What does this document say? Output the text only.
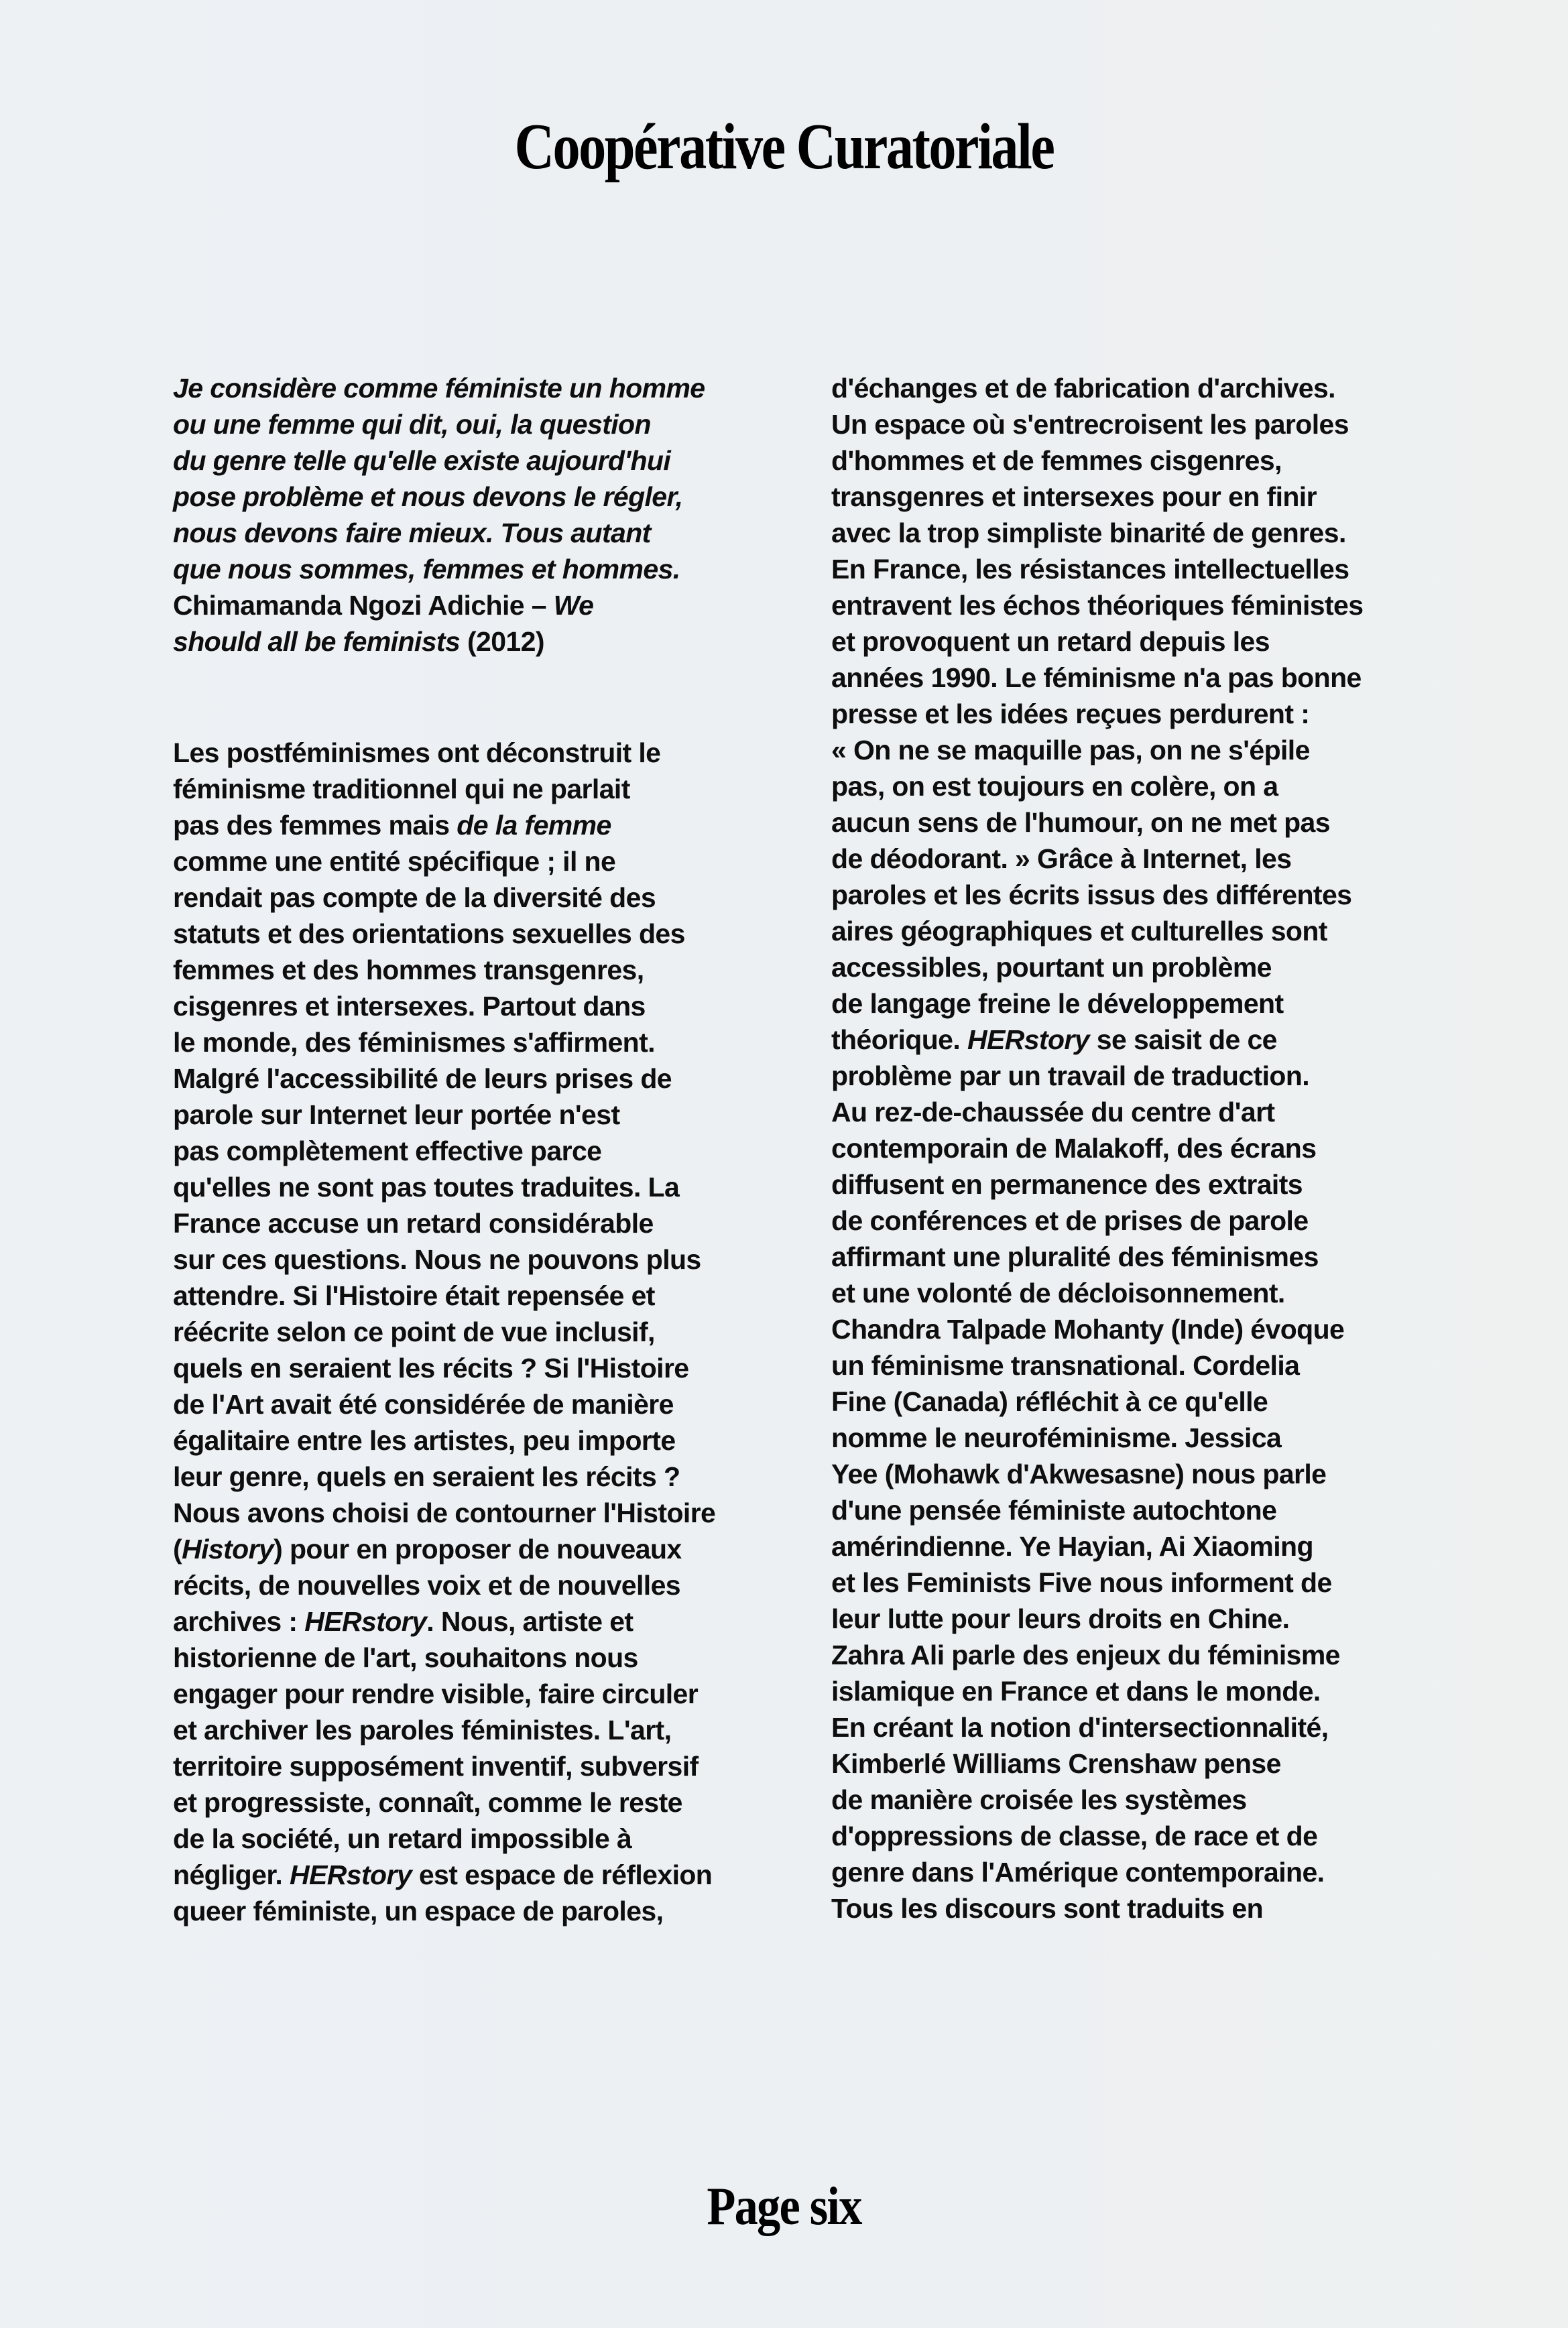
Coopérative Curatoriale
Je considère comme féministe un homme
ou une femme qui dit, oui, la question
du genre telle qu'elle existe aujourd'hui
pose problème et nous devons le régler,
nous devons faire mieux. Tous autant
que nous sommes, femmes et hommes.
Chimamanda Ngozi Adichie – We
should all be feminists (2012)
Les postféminismes ont déconstruit le
féminisme traditionnel qui ne parlait
pas des femmes mais de la femme
comme une entité spécifique ; il ne
rendait pas compte de la diversité des
statuts et des orientations sexuelles des
femmes et des hommes transgenres,
cisgenres et intersexes. Partout dans
le monde, des féminismes s'affirment.
Malgré l'accessibilité de leurs prises de
parole sur Internet leur portée n'est
pas complètement effective parce
qu'elles ne sont pas toutes traduites. La
France accuse un retard considérable
sur ces questions. Nous ne pouvons plus
attendre. Si l'Histoire était repensée et
réécrite selon ce point de vue inclusif,
quels en seraient les récits ? Si l'Histoire
de l'Art avait été considérée de manière
égalitaire entre les artistes, peu importe
leur genre, quels en seraient les récits ?
Nous avons choisi de contourner l'Histoire
(History) pour en proposer de nouveaux
récits, de nouvelles voix et de nouvelles
archives : HERstory. Nous, artiste et
historienne de l'art, souhaitons nous
engager pour rendre visible, faire circuler
et archiver les paroles féministes. L'art,
territoire supposément inventif, subversif
et progressiste, connaît, comme le reste
de la société, un retard impossible à
négliger. HERstory est espace de réflexion
queer féministe, un espace de paroles,
d'échanges et de fabrication d'archives.
Un espace où s'entrecroisent les paroles
d'hommes et de femmes cisgenres,
transgenres et intersexes pour en finir
avec la trop simpliste binarité de genres.
En France, les résistances intellectuelles
entravent les échos théoriques féministes
et provoquent un retard depuis les
années 1990. Le féminisme n'a pas bonne
presse et les idées reçues perdurent :
« On ne se maquille pas, on ne s'épile
pas, on est toujours en colère, on a
aucun sens de l'humour, on ne met pas
de déodorant. » Grâce à Internet, les
paroles et les écrits issus des différentes
aires géographiques et culturelles sont
accessibles, pourtant un problème
de langage freine le développement
théorique. HERstory se saisit de ce
problème par un travail de traduction.
Au rez-de-chaussée du centre d'art
contemporain de Malakoff, des écrans
diffusent en permanence des extraits
de conférences et de prises de parole
affirmant une pluralité des féminismes
et une volonté de décloisonnement.
Chandra Talpade Mohanty (Inde) évoque
un féminisme transnational. Cordelia
Fine (Canada) réfléchit à ce qu'elle
nomme le neuroféminisme. Jessica
Yee (Mohawk d'Akwesasne) nous parle
d'une pensée féministe autochtone
amérindienne. Ye Hayian, Ai Xiaoming
et les Feminists Five nous informent de
leur lutte pour leurs droits en Chine.
Zahra Ali parle des enjeux du féminisme
islamique en France et dans le monde.
En créant la notion d'intersectionnalité,
Kimberlé Williams Crenshaw pense
de manière croisée les systèmes
d'oppressions de classe, de race et de
genre dans l'Amérique contemporaine.
Tous les discours sont traduits en
Page six
